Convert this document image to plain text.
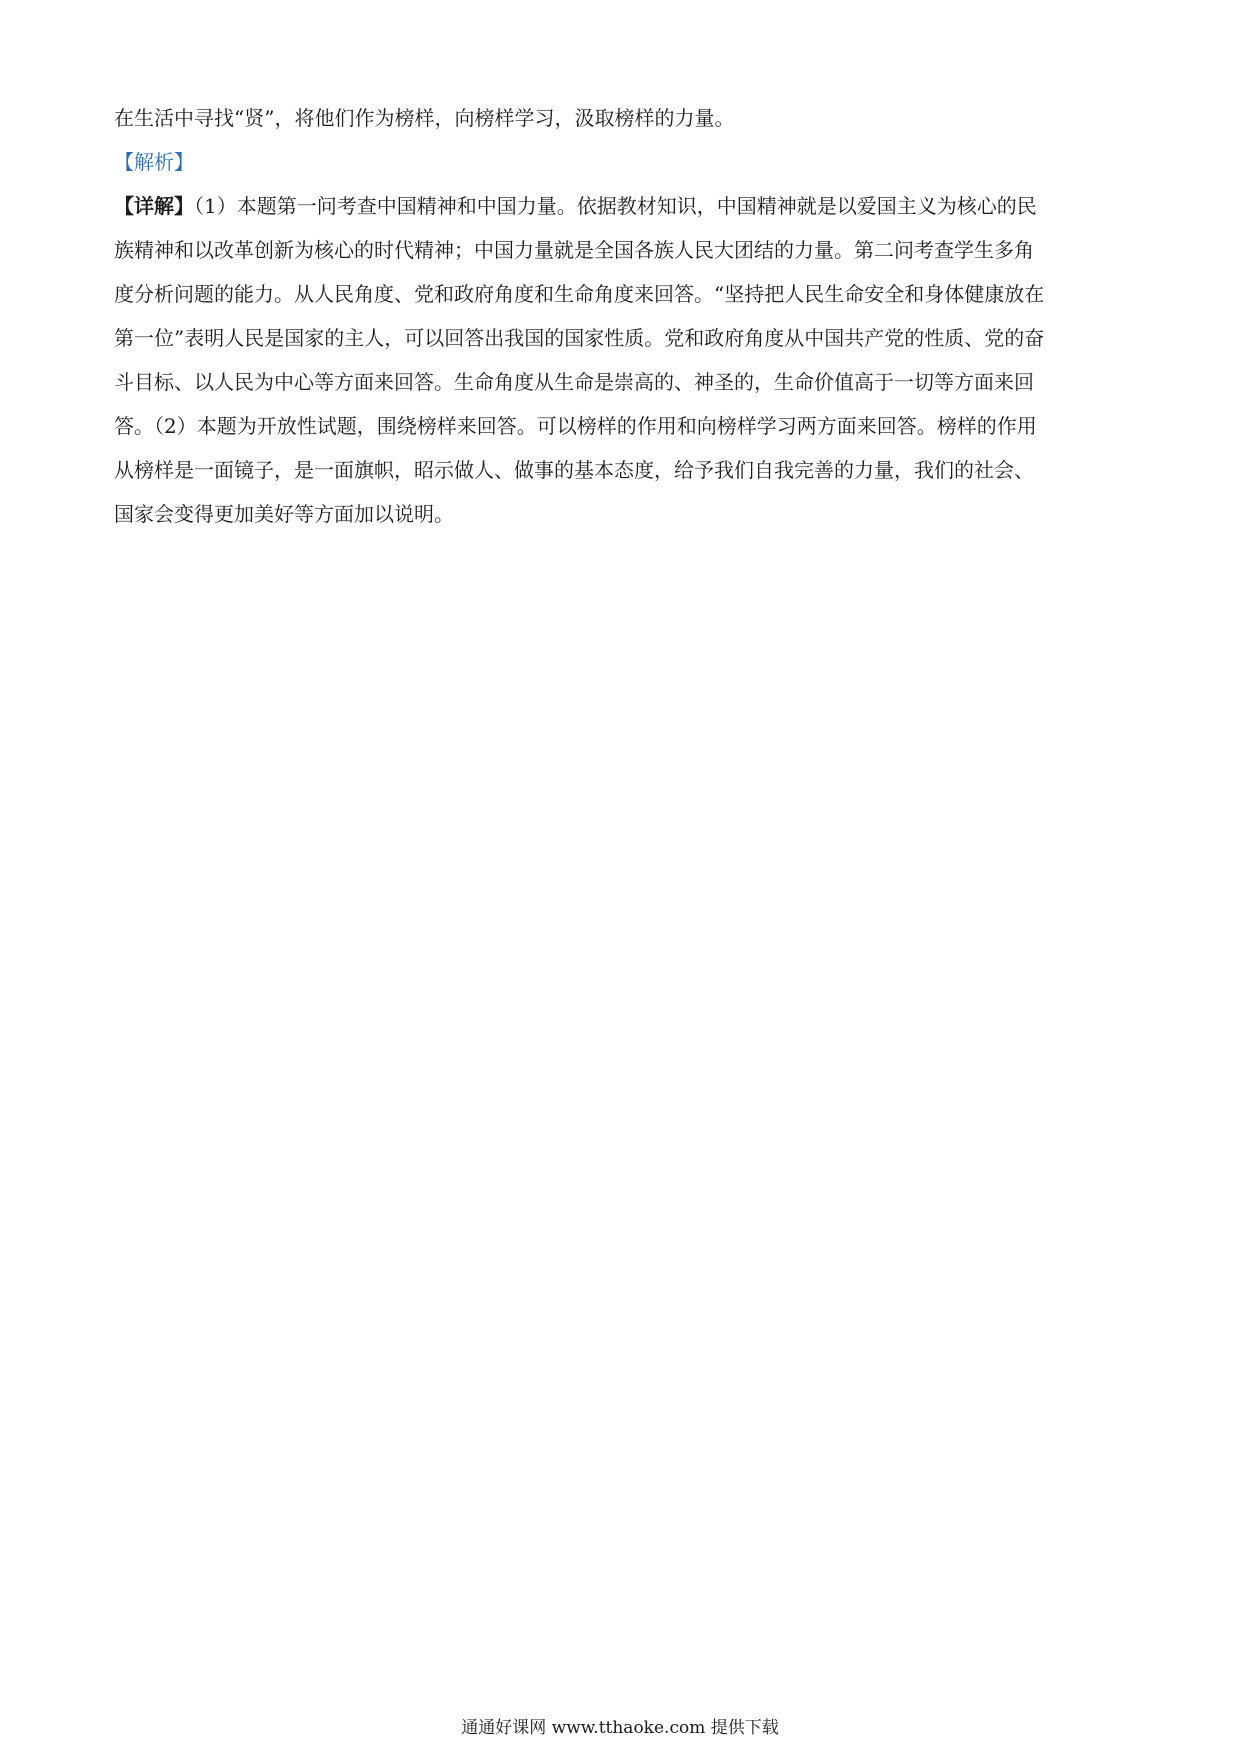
在生活中寻找“贤”，将他们作为榜样，向榜样学习，汲取榜样的力量。
【解析】
【详解】（1）本题第一问考查中国精神和中国力量。依据教材知识，中国精神就是以爱国主义为核心的民
族精神和以改革创新为核心的时代精神；中国力量就是全国各族人民大团结的力量。第二问考查学生多角
度分析问题的能力。从人民角度、党和政府角度和生命角度来回答。“坚持把人民生命安全和身体健康放在
第一位”表明人民是国家的主人，可以回答出我国的国家性质。党和政府角度从中国共产党的性质、党的奋
斗目标、以人民为中心等方面来回答。生命角度从生命是崇高的、神圣的，生命价值高于一切等方面来回
答。（2）本题为开放性试题，围绕榜样来回答。可以榜样的作用和向榜样学习两方面来回答。榜样的作用
从榜样是一面镜子，是一面旗帜，昭示做人、做事的基本态度，给予我们自我完善的力量，我们的社会、
国家会变得更加美好等方面加以说明。
通通好课网 www.tthaoke.com 提供下载
